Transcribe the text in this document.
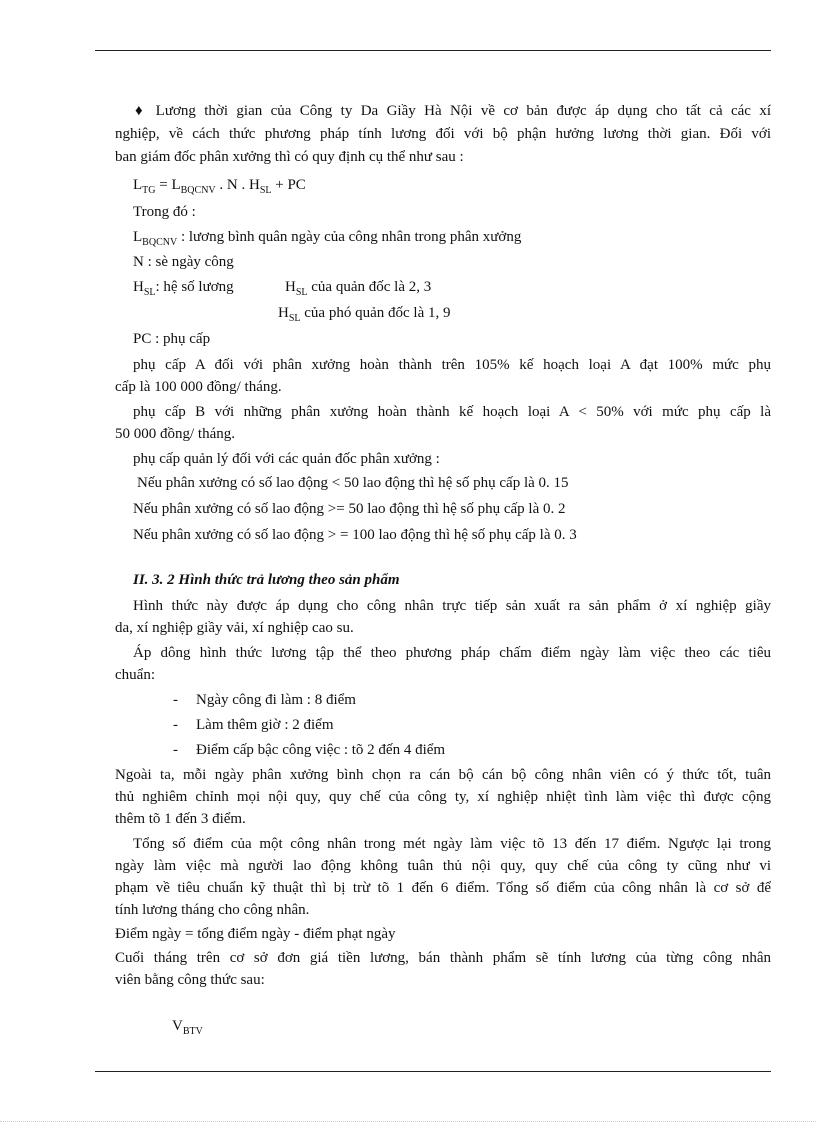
♦ Lương thời gian của Công ty Da Giầy Hà Nội về cơ bản được áp dụng cho tất cả các xí
nghiệp, về cách thức phương pháp tính lương đối với bộ phận hưởng lương thời gian. Đối với
ban giám đốc phân xưởng thì có quy định cụ thể như sau :
$L_{TG} = L_{BQCNV}$ . N . $H_{SL}$ + PC
Trong đó :
$L_{BQCNV}$ : lương bình quân ngày của công nhân trong phân xưởng
N : sè ngày công
$H_{SL}$: hệ số lương	$H_{SL}$ của quản đốc là 2, 3
$H_{SL}$ của phó quản đốc là 1, 9
PC : phụ cấp
phụ cấp A đối với phân xưởng hoàn thành trên 105% kế hoạch loại A đạt 100% mức phụ
cấp là 100 000 đồng/ tháng.
phụ cấp B với những phân xưởng hoàn thành kế hoạch loại A < 50% với mức phụ cấp là
50 000 đồng/ tháng.
phụ cấp quản lý đối với các quản đốc phân xưởng :
Nếu phân xưởng có số lao động < 50 lao động thì hệ số phụ cấp là 0. 15
Nếu phân xưởng có số lao động >= 50 lao động thì hệ số phụ cấp là 0. 2
Nếu phân xưởng có số lao động > = 100 lao động thì hệ số phụ cấp là 0. 3
II. 3. 2 Hình thức trả lương theo sản phẩm
Hình thức này được áp dụng cho công nhân trực tiếp sản xuất ra sản phẩm ở xí nghiệp giầy
da, xí nghiệp giầy vải, xí nghiệp cao su.
Áp dông hình thức lương tập thể theo phương pháp chấm điểm ngày làm việc theo các tiêu
chuẩn:
- Ngày công đi làm : 8 điểm
- Làm thêm giờ : 2 điểm
- Điểm cấp bậc công việc : tõ 2 đến 4 điểm
Ngoài ta, mỗi ngày phân xưởng bình chọn ra cán bộ cán bộ công nhân viên có ý thức tốt, tuân
thủ nghiêm chỉnh mọi nội quy, quy chế của công ty, xí nghiệp nhiệt tình làm việc thì được cộng
thêm tõ 1 đến 3 điểm.
Tổng số điểm của một công nhân trong mét ngày làm việc tõ 13 đến 17 điểm. Ngược lại trong
ngày làm việc mà người lao động không tuân thủ nội quy, quy chế của công ty cũng như vi
phạm về tiêu chuẩn kỹ thuật thì bị trừ tõ 1 đến 6 điểm. Tổng số điểm của công nhân là cơ sở để
tính lương tháng cho công nhân.
Điểm ngày = tổng điểm ngày - điểm phạt ngày
Cuối tháng trên cơ sở đơn giá tiền lương, bán thành phẩm sẽ tính lương của từng công nhân
viên bằng công thức sau:
$V_{BTV}$
